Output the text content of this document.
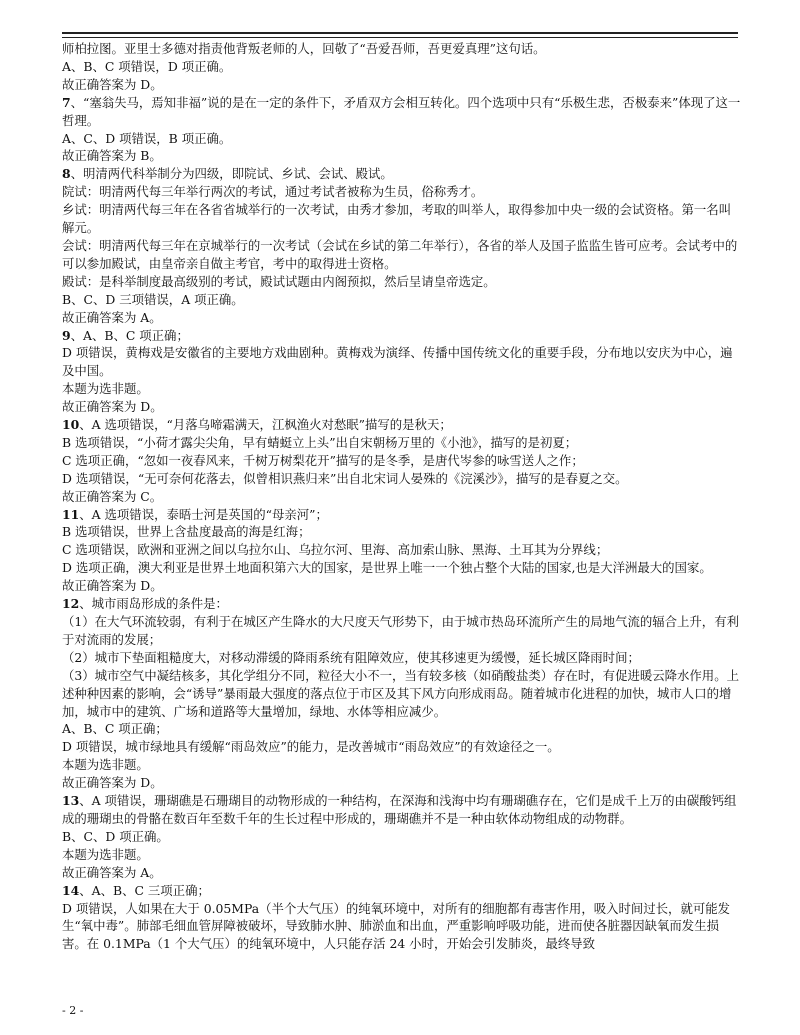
师柏拉图。亚里士多德对指责他背叛老师的人，回敬了“吾爱吾师，吾更爱真理”这句话。

A、B、C 项错误，D 项正确。

故正确答案为 D。

7、“塞翁失马，焉知非福”说的是在一定的条件下，矛盾双方会相互转化。四个选项中只有“乐极生悲，否极泰来”体现了这一哲理。

A、C、D 项错误，B 项正确。

故正确答案为 B。

8、明清两代科举制分为四级，即院试、乡试、会试、殿试。

院试：明清两代每三年举行两次的考试，通过考试者被称为生员，俗称秀才。

乡试：明清两代每三年在各省省城举行的一次考试，由秀才参加，考取的叫举人，取得参加中央一级的会试资格。第一名叫解元。

会试：明清两代每三年在京城举行的一次考试（会试在乡试的第二年举行），各省的举人及国子监监生皆可应考。会试考中的可以参加殿试，由皇帝亲自做主考官，考中的取得进士资格。

殿试：是科举制度最高级别的考试，殿试试题由内阁预拟，然后呈请皇帝选定。

B、C、D 三项错误，A 项正确。

故正确答案为 A。

9、A、B、C 项正确；

D 项错误，黄梅戏是安徽省的主要地方戏曲剧种。黄梅戏为演绎、传播中国传统文化的重要手段，分布地以安庆为中心，遍及中国。

本题为选非题。

故正确答案为 D。

10、A 选项错误，“月落乌啼霜满天，江枫渔火对愁眠”描写的是秋天；

B 选项错误，“小荷才露尖尖角，早有蜻蜓立上头”出自宋朝杨万里的《小池》，描写的是初夏；

C 选项正确，“忽如一夜春风来，千树万树梨花开”描写的是冬季，是唐代岑参的咏雪送人之作；

D 选项错误，“无可奈何花落去，似曾相识燕归来”出自北宋词人晏殊的《浣溪沙》，描写的是春夏之交。

故正确答案为 C。

11、A 选项错误，泰晤士河是英国的“母亲河”；

B 选项错误，世界上含盐度最高的海是红海；

C 选项错误，欧洲和亚洲之间以乌拉尔山、乌拉尔河、里海、高加索山脉、黑海、土耳其为分界线；

D 选项正确，澳大利亚是世界土地面积第六大的国家，是世界上唯一一个独占整个大陆的国家,也是大洋洲最大的国家。

故正确答案为 D。

12、城市雨岛形成的条件是：

（1）在大气环流较弱，有利于在城区产生降水的大尺度天气形势下，由于城市热岛环流所产生的局地气流的辐合上升，有利于对流雨的发展；

（2）城市下垫面粗糙度大，对移动滞缓的降雨系统有阻障效应，使其移速更为缓慢，延长城区降雨时间；

（3）城市空气中凝结核多，其化学组分不同，粒径大小不一，当有较多核（如硝酸盐类）存在时，有促进暖云降水作用。上述种种因素的影响，会“诱导”暴雨最大强度的落点位于市区及其下风方向形成雨岛。随着城市化进程的加快，城市人口的增加，城市中的建筑、广场和道路等大量增加，绿地、水体等相应减少。

A、B、C 项正确；

D 项错误，城市绿地具有缓解“雨岛效应”的能力，是改善城市“雨岛效应”的有效途径之一。

本题为选非题。

故正确答案为 D。

13、A 项错误，珊瑚礁是石珊瑚目的动物形成的一种结构，在深海和浅海中均有珊瑚礁存在，它们是成千上万的由碳酸钙组成的珊瑚虫的骨骼在数百年至数千年的生长过程中形成的，珊瑚礁并不是一种由软体动物组成的动物群。

B、C、D 项正确。

本题为选非题。

故正确答案为 A。

14、A、B、C 三项正确；

D 项错误，人如果在大于 0.05MPa（半个大气压）的纯氧环境中，对所有的细胞都有毒害作用，吸入时间过长，就可能发生“氧中毒”。肺部毛细血管屏障被破坏，导致肺水肿、肺淤血和出血，严重影响呼吸功能，进而使各脏器因缺氧而发生损害。在 0.1MPa（1 个大气压）的纯氧环境中，人只能存活 24 小时，开始会引发肺炎，最终导致

- 2 -
